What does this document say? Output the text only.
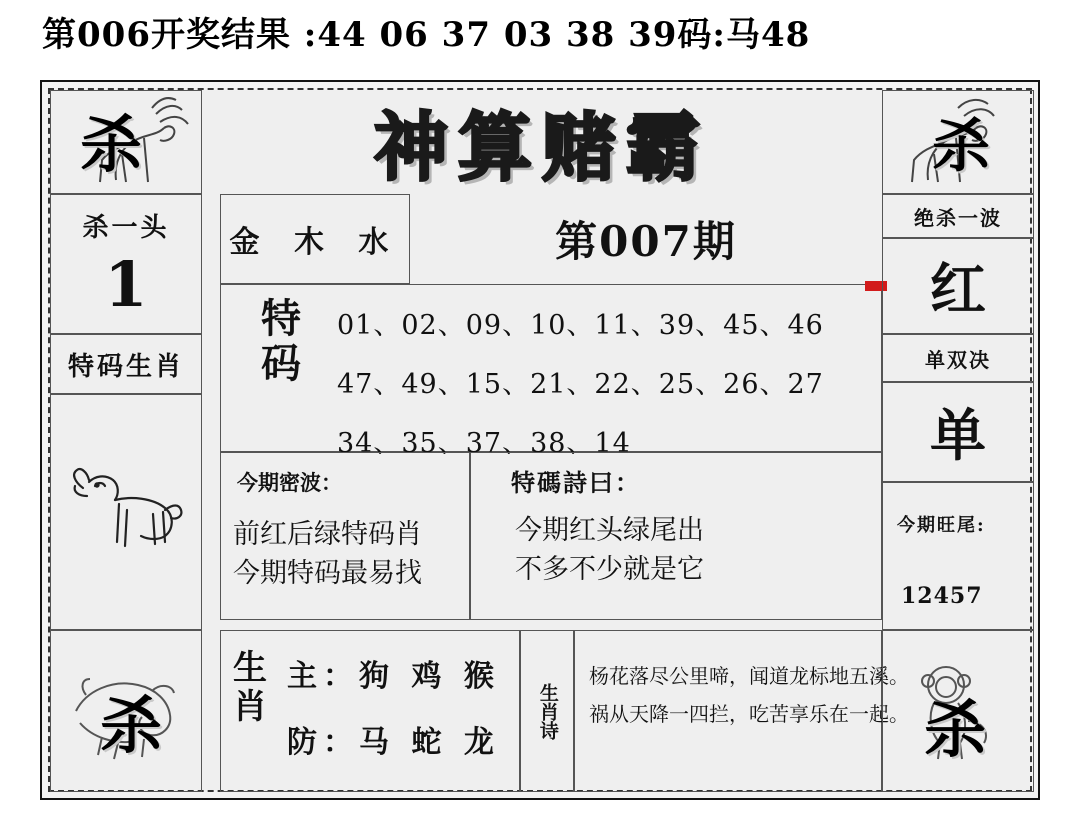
第006开奖结果 :44 06 37 03 38 39码:马48
杀
杀一头
1
特码生肖
杀
神算赌霸
金 木 水	第007期
特
码
01、02、09、10、11、39、45、46
47、49、15、21、22、25、26、27
34、35、37、38、14
今期密波：
前红后绿特码肖
今期特码最易找
特碼詩曰：
今期红头绿尾出
不多不少就是它
生
肖
主：狗 鸡 猴
防：马 蛇 龙
生肖诗
杨花落尽公里啼，闻道龙标地五溪。
祸从天降一四拦，吃苦享乐在一起。
杀
绝杀一波
红
单双决
单
今期旺尾:
12457
杀
